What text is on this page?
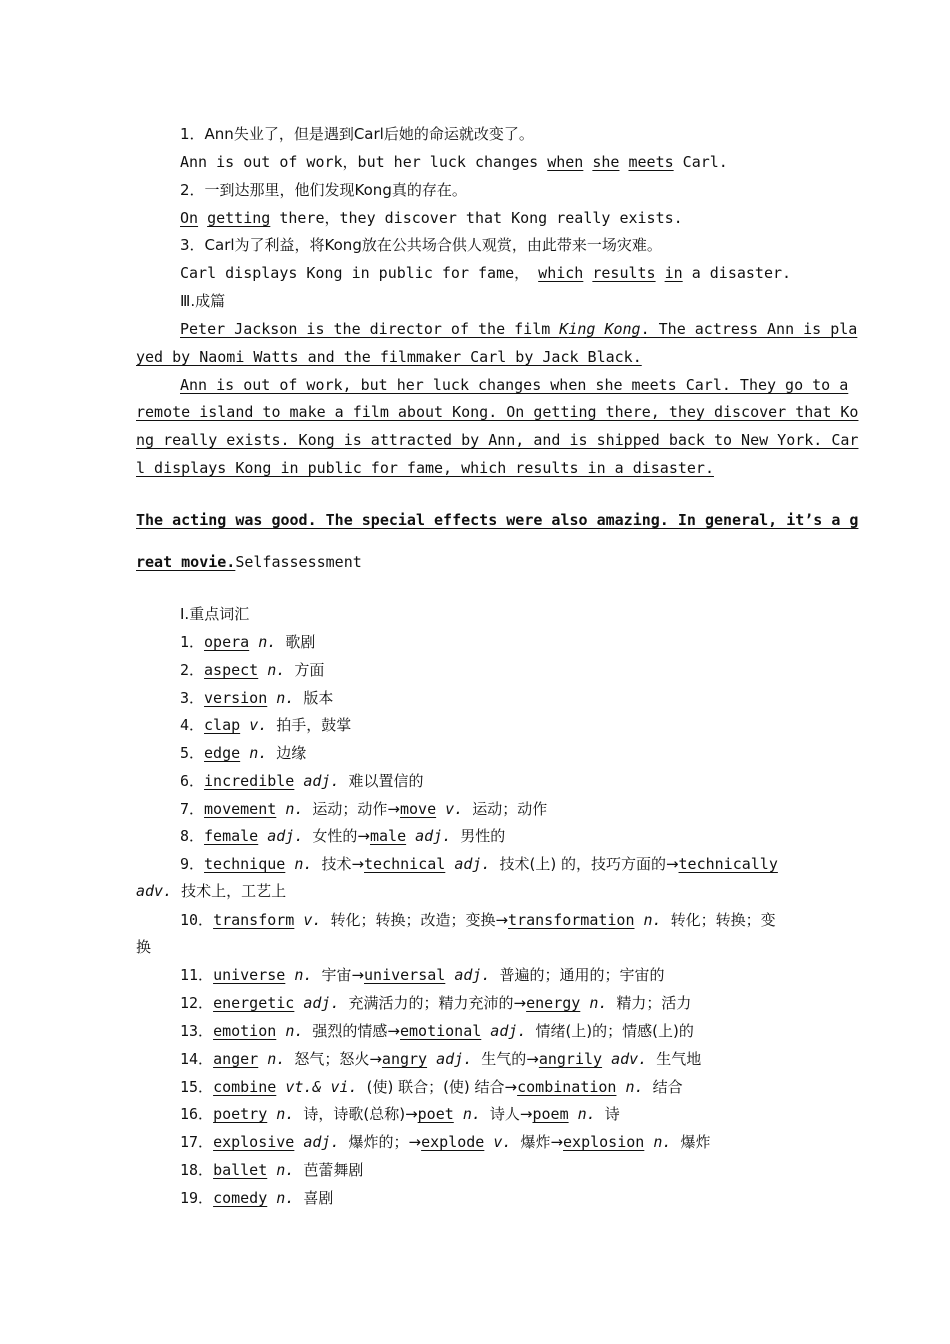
1．Ann失业了，但是遇到Carl后她的命运就改变了。
Ann is out of work，but her luck changes when she meets Carl.
2．一到达那里，他们发现Kong真的存在。
On getting there，they discover that Kong really exists.
3．Carl为了利益，将Kong放在公共场合供人观赏，由此带来一场灾难。
Carl displays Kong in public for fame， which results in a disaster.
Ⅲ.成篇
Peter Jackson is the director of the film King Kong. The actress Ann is pla
yed by Naomi Watts and the filmmaker Carl by Jack Black.
Ann is out of work, but her luck changes when she meets Carl. They go to a
remote island to make a film about Kong. On getting there, they discover that Ko
ng really exists. Kong is attracted by Ann, and is shipped back to New York. Car
l displays Kong in public for fame, which results in a disaster.
The acting was good. The special effects were also amazing. In general, it’s a g
reat movie.Selfassessment
Ⅰ.重点词汇
1．opera n. 歌剧
2．aspect n. 方面
3．version n. 版本
4．clap v. 拍手，鼓掌
5．edge n. 边缘
6．incredible adj. 难以置信的
7．movement n. 运动；动作→move v. 运动；动作
8．female adj. 女性的→male adj. 男性的
9．technique n. 技术→technical adj. 技术(上) 的，技巧方面的→technically
10．transform v. 转化；转换；改造；变换→transformation n. 转化；转换；变
11．universe n. 宇宙→universal adj. 普遍的；通用的；宇宙的
12．energetic adj. 充满活力的；精力充沛的→energy n. 精力；活力
13．emotion n. 强烈的情感→emotional adj. 情绪(上)的；情感(上)的
14．anger n. 怒气；怒火→angry adj. 生气的→angrily adv. 生气地
15．combine vt.& vi. (使) 联合；(使) 结合→combination n. 结合
16．poetry n. 诗，诗歌(总称)→poet n. 诗人→poem n. 诗
17．explosive adj. 爆炸的；→explode v. 爆炸→explosion n. 爆炸
18．ballet n. 芭蕾舞剧
19．comedy n. 喜剧
adv. 技术上，工艺上
换
